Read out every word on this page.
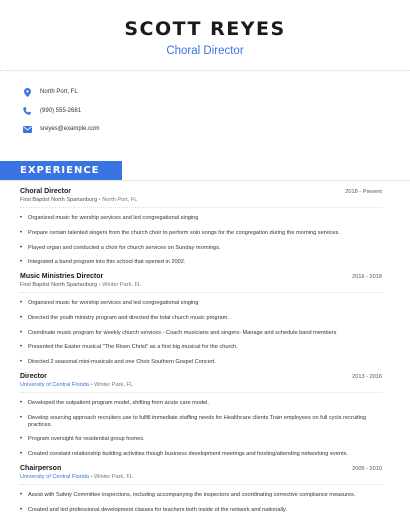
SCOTT REYES
Choral Director
North Port, FL
(990) 555-2681
sreyes@example.com
EXPERIENCE
Choral Director	2018 - Present
First Baptist North Spartanburg • North Port, FL
• Organized music for worship services and led congregational singing
• Prepare certain talented singers from the church choir to perform solo songs for the congregation during the morning services.
• Played organ and conducted a choir for church services on Sunday mornings.
• Integrated a band program into this school that opened in 2002.
Music Ministries Director	2016 - 2018
First Baptist North Spartanburg • Winter Park, FL
• Organized music for worship services and led congregational singing
• Directed the youth ministry program and directed the total church music program.
• Coordinate music program for weekly church services - Coach musicians and singers- Manage and schedule band members
• Presented the Easter musical "The Risen Christ" as a first big musical for the church.
• Directed 2 seasonal mini-musicals and one Choir Southern Gospel Concert.
Director	2013 - 2016
University of Central Florida • Winter Park, FL
• Developed the outpatient program model, shifting from acute care model.
• Develop sourcing approach recruiters use to fulfill immediate staffing needs for Healthcare clients Train employees on full cycle recruiting practices.
• Program oversight for residential group homes.
• Created constant relationship building activities though business development meetings and hosting/attending networking events.
Chairperson	2005 - 2010
University of Central Florida • Winter Park, FL
• Assist with Safety Committee inspections, including accompanying the inspectors and coordinating corrective compliance measures.
• Created and led professional development classes for teachers both inside of the network and nationally.
